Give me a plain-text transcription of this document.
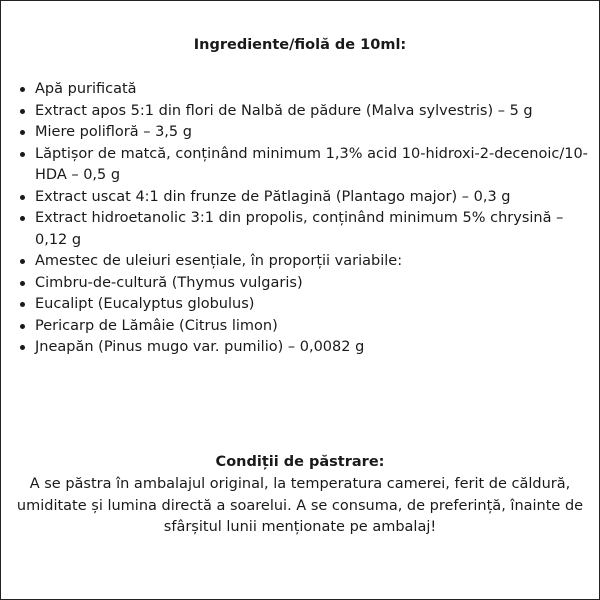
Ingrediente/fiolă de 10ml:
Apă purificată
Extract apos 5:1 din flori de Nalbă de pădure (Malva sylvestris) – 5 g
Miere polifloră – 3,5 g
Lăptișor de matcă, conținând minimum 1,3% acid 10-hidroxi-2-decenoic/10-HDA – 0,5 g
Extract uscat 4:1 din frunze de Pătlagină (Plantago major) – 0,3 g
Extract hidroetanolic 3:1 din propolis, conținând minimum 5% chrysină – 0,12 g
Amestec de uleiuri esențiale, în proporții variabile:
Cimbru-de-cultură (Thymus vulgaris)
Eucalipt (Eucalyptus globulus)
Pericarp de Lămâie (Citrus limon)
Jneapăn (Pinus mugo var. pumilio) – 0,0082 g
Condiții de păstrare:

A se păstra în ambalajul original, la temperatura camerei, ferit de căldură, umiditate și lumina directă a soarelui. A se consuma, de preferință, înainte de sfârșitul lunii menționate pe ambalaj!
